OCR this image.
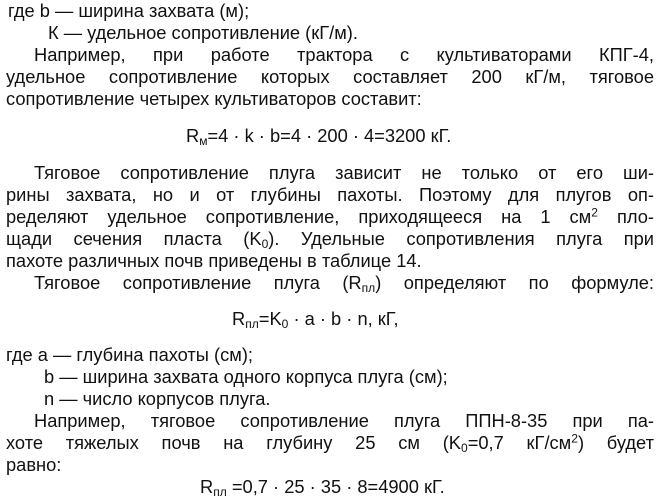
где b — ширина захвата (м);
К — удельное сопротивление (кГ/м).
Например, при работе трактора с культиваторами КПГ-4,
удельное сопротивление которых составляет 200 кГ/м, тяговое
сопротивление четырех культиваторов составит:
$R_м=4 \cdot k \cdot b=4 \cdot 200 \cdot 4=3200$ кГ.
Тяговое сопротивление плуга зависит не только от его ши-
рины захвата, но и от глубины пахоты. Поэтому для плугов оп-
ределяют удельное сопротивление, приходящееся на 1 $см^2$ пло-
щади сечения пласта $(K_0)$. Удельные сопротивления плуга при
пахоте различных почв приведены в таблице 14.
Тяговое сопротивление плуга $(R_{пл})$ определяют по формуле:
$R_{пл}=K_0 \cdot a \cdot b \cdot n$, кГ,
где a — глубина пахоты (см);
b — ширина захвата одного корпуса плуга (см);
n — число корпусов плуга.
Например, тяговое сопротивление плуга ППН-8-35 при па-
хоте тяжелых почв на глубину 25 см ($K_0=0,7$ $кГ/см^2$) будет
равно:
$R_{пл} =0,7 \cdot 25 \cdot 35 \cdot 8=4900$ кГ.
